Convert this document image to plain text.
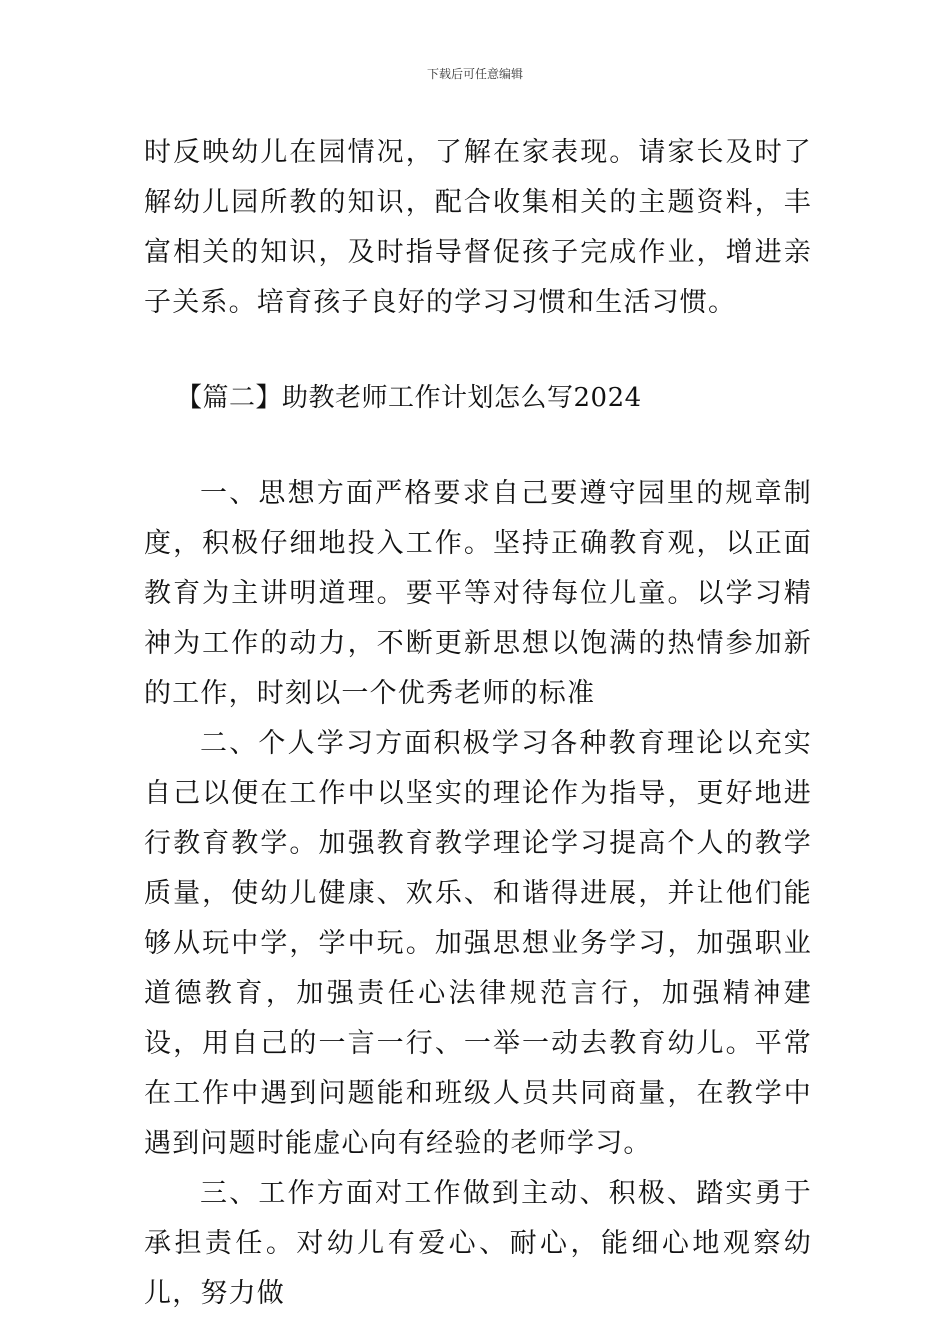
下载后可任意编辑

时反映幼儿在园情况，了解在家表现。请家长及时了解幼儿园所教的知识，配合收集相关的主题资料，丰富相关的知识，及时指导督促孩子完成作业，增进亲子关系。培育孩子良好的学习习惯和生活习惯。

【篇二】助教老师工作计划怎么写2024

一、思想方面严格要求自己要遵守园里的规章制度，积极仔细地投入工作。坚持正确教育观，以正面教育为主讲明道理。要平等对待每位儿童。以学习精神为工作的动力，不断更新思想以饱满的热情参加新的工作，时刻以一个优秀老师的标准

二、个人学习方面积极学习各种教育理论以充实自己以便在工作中以坚实的理论作为指导，更好地进行教育教学。加强教育教学理论学习提高个人的教学质量，使幼儿健康、欢乐、和谐得进展，并让他们能够从玩中学，学中玩。加强思想业务学习，加强职业道德教育，加强责任心法律规范言行，加强精神建设，用自己的一言一行、一举一动去教育幼儿。平常在工作中遇到问题能和班级人员共同商量，在教学中遇到问题时能虚心向有经验的老师学习。

三、工作方面对工作做到主动、积极、踏实勇于承担责任。对幼儿有爱心、耐心，能细心地观察幼儿，努力做
